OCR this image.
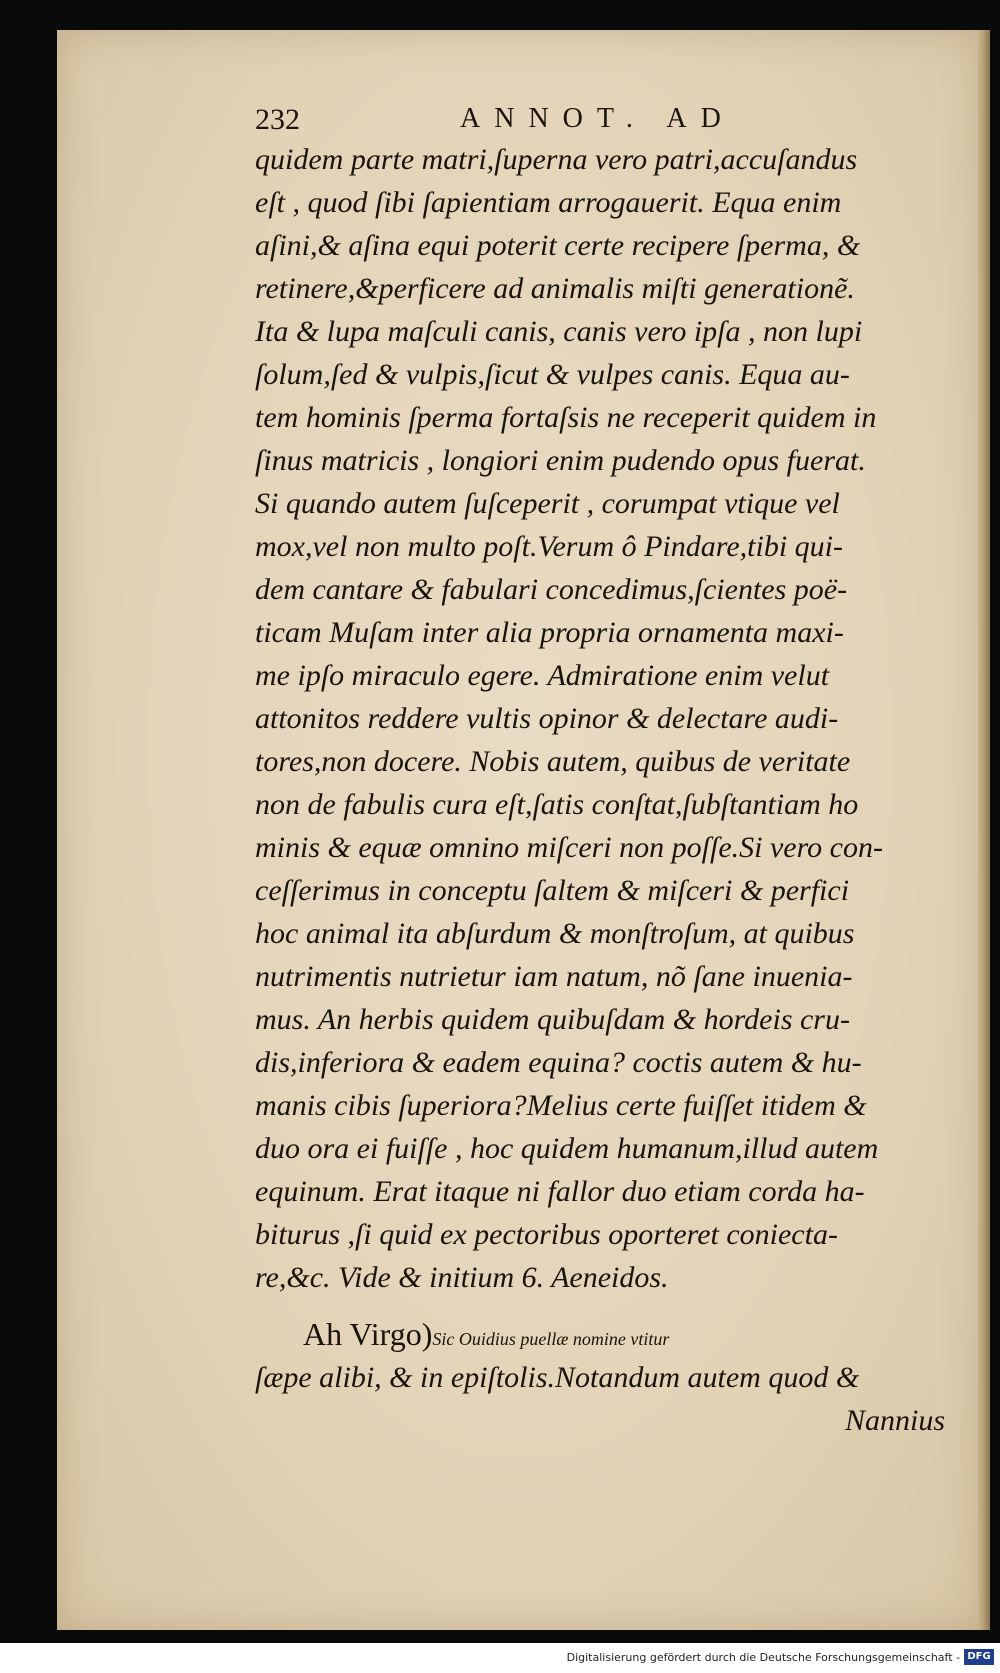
232	ANNOT. AD
quidem parte matri,ſuperna vero patri,accuſandus
eſt , quod ſibi ſapientiam arrogauerit. Equa enim
aſini,& aſina equi poterit certe recipere ſperma, &
retinere,&perficere ad animalis miſti generationẽ.
Ita & lupa maſculi canis, canis vero ipſa , non lupi
ſolum,ſed & vulpis,ſicut & vulpes canis. Equa au-
tem hominis ſperma fortaſsis ne receperit quidem in
ſinus matricis , longiori enim pudendo opus fuerat.
Si quando autem ſuſceperit , corumpat vtique vel
mox,vel non multo poſt.Verum ô Pindare,tibi qui-
dem cantare & fabulari concedimus,ſcientes poë-
ticam Muſam inter alia propria ornamenta maxi-
me ipſo miraculo egere. Admiratione enim velut
attonitos reddere vultis opinor & delectare audi-
tores,non docere. Nobis autem, quibus de veritate
non de fabulis cura eſt,ſatis conſtat,ſubſtantiam ho
minis & equæ omnino miſceri non poſſe.Si vero con-
ceſſerimus in conceptu ſaltem & miſceri & perfici
hoc animal ita abſurdum & monſtroſum, at quibus
nutrimentis nutrietur iam natum, nõ ſane inuenia-
mus. An herbis quidem quibuſdam & hordeis cru-
dis,inferiora & eadem equina? coctis autem & hu-
manis cibis ſuperiora?Melius certe fuiſſet itidem &
duo ora ei fuiſſe , hoc quidem humanum,illud autem
equinum. Erat itaque ni fallor duo etiam corda ha-
biturus ,ſi quid ex pectoribus oporteret coniecta-
re,&c. Vide & initium 6. Aeneidos.
Ah Virgo)Sic Ouidius puellæ nomine vtitur
ſæpe alibi, & in epiſtolis.Notandum autem quod &
Nannius
Digitalisierung gefördert durch die Deutsche Forschungsgemeinschaft - DFG
